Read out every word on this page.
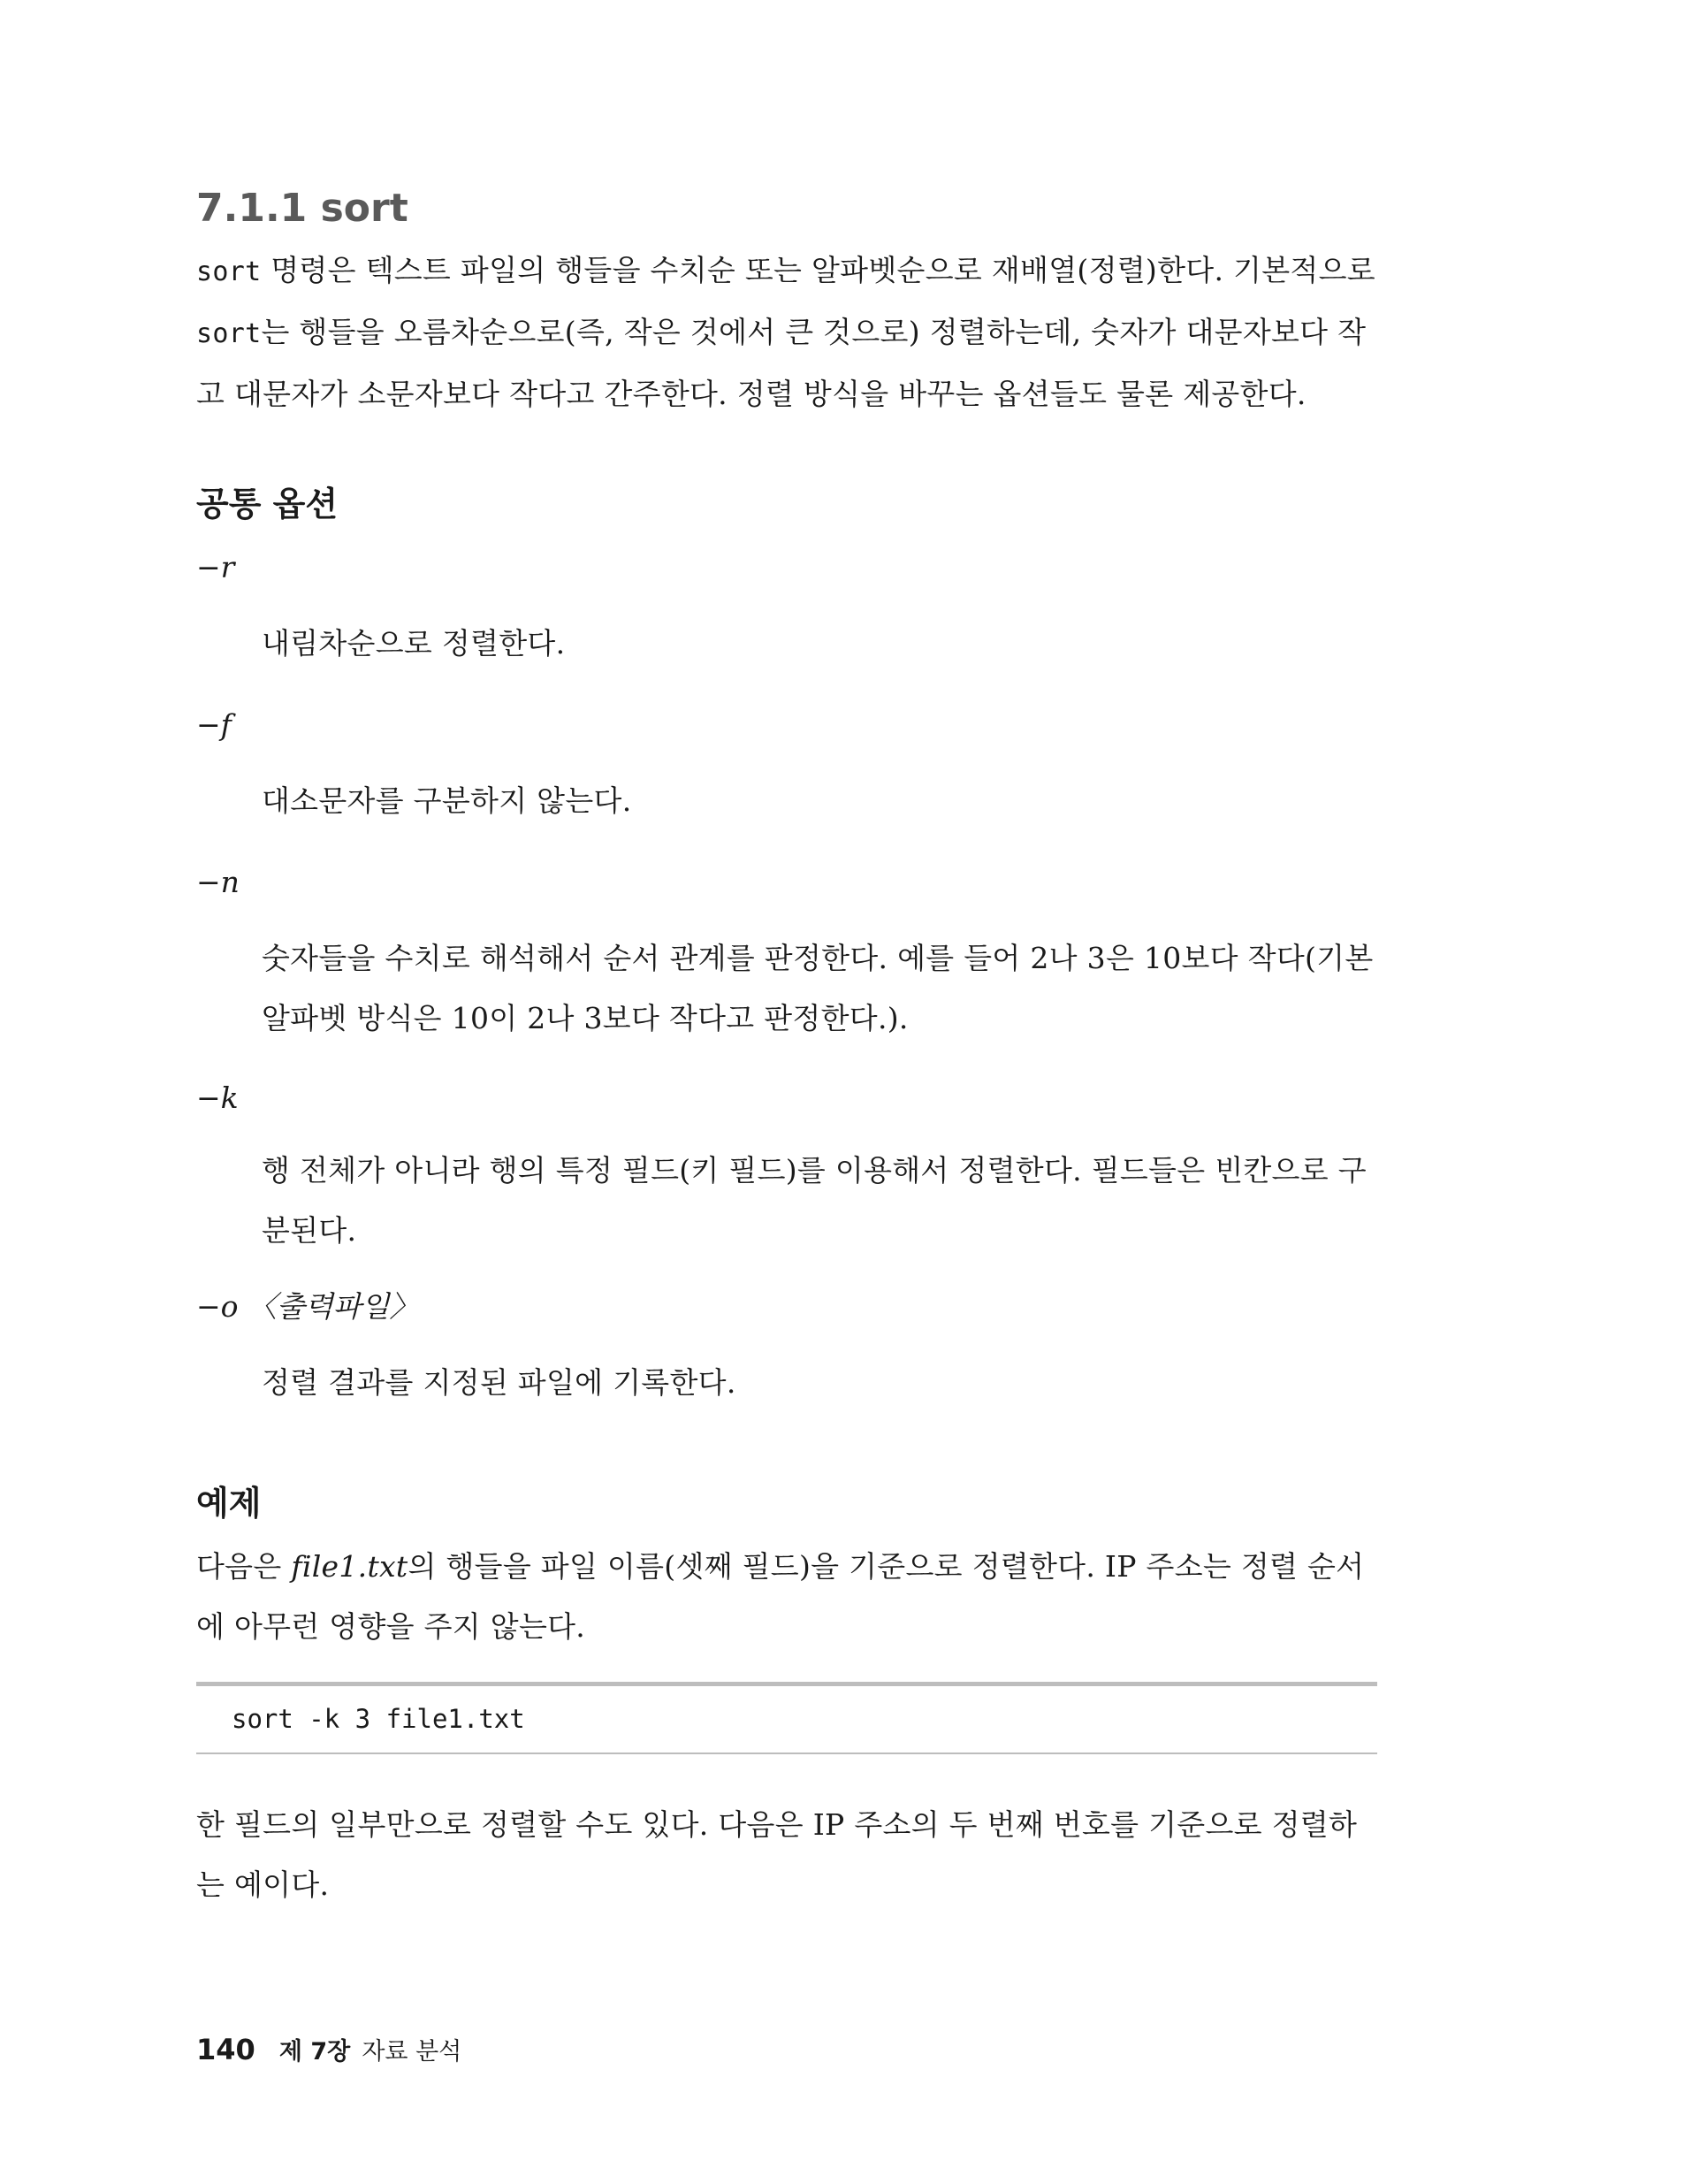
7.1.1 sort

sort 명령은 텍스트 파일의 행들을 수치순 또는 알파벳순으로 재배열(정렬)한다. 기본적으로 sort는 행들을 오름차순으로(즉, 작은 것에서 큰 것으로) 정렬하는데, 숫자가 대문자보다 작고 대문자가 소문자보다 작다고 간주한다. 정렬 방식을 바꾸는 옵션들도 물론 제공한다.

공통 옵션
−r

내림차순으로 정렬한다.

−f

대소문자를 구분하지 않는다.

−n

숫자들을 수치로 해석해서 순서 관계를 판정한다. 예를 들어 2나 3은 10보다 작다(기본 알파벳 방식은 10이 2나 3보다 작다고 판정한다.).

−k

행 전체가 아니라 행의 특정 필드(키 필드)를 이용해서 정렬한다. 필드들은 빈칸으로 구분된다.

−o 〈출력파일〉

정렬 결과를 지정된 파일에 기록한다.

예제

다음은 file1.txt의 행들을 파일 이름(셋째 필드)을 기준으로 정렬한다. IP 주소는 정렬 순서에 아무런 영향을 주지 않는다.

sort -k 3 file1.txt

한 필드의 일부만으로 정렬할 수도 있다. 다음은 IP 주소의 두 번째 번호를 기준으로 정렬하는 예이다.

140 제 7장 자료 분석
